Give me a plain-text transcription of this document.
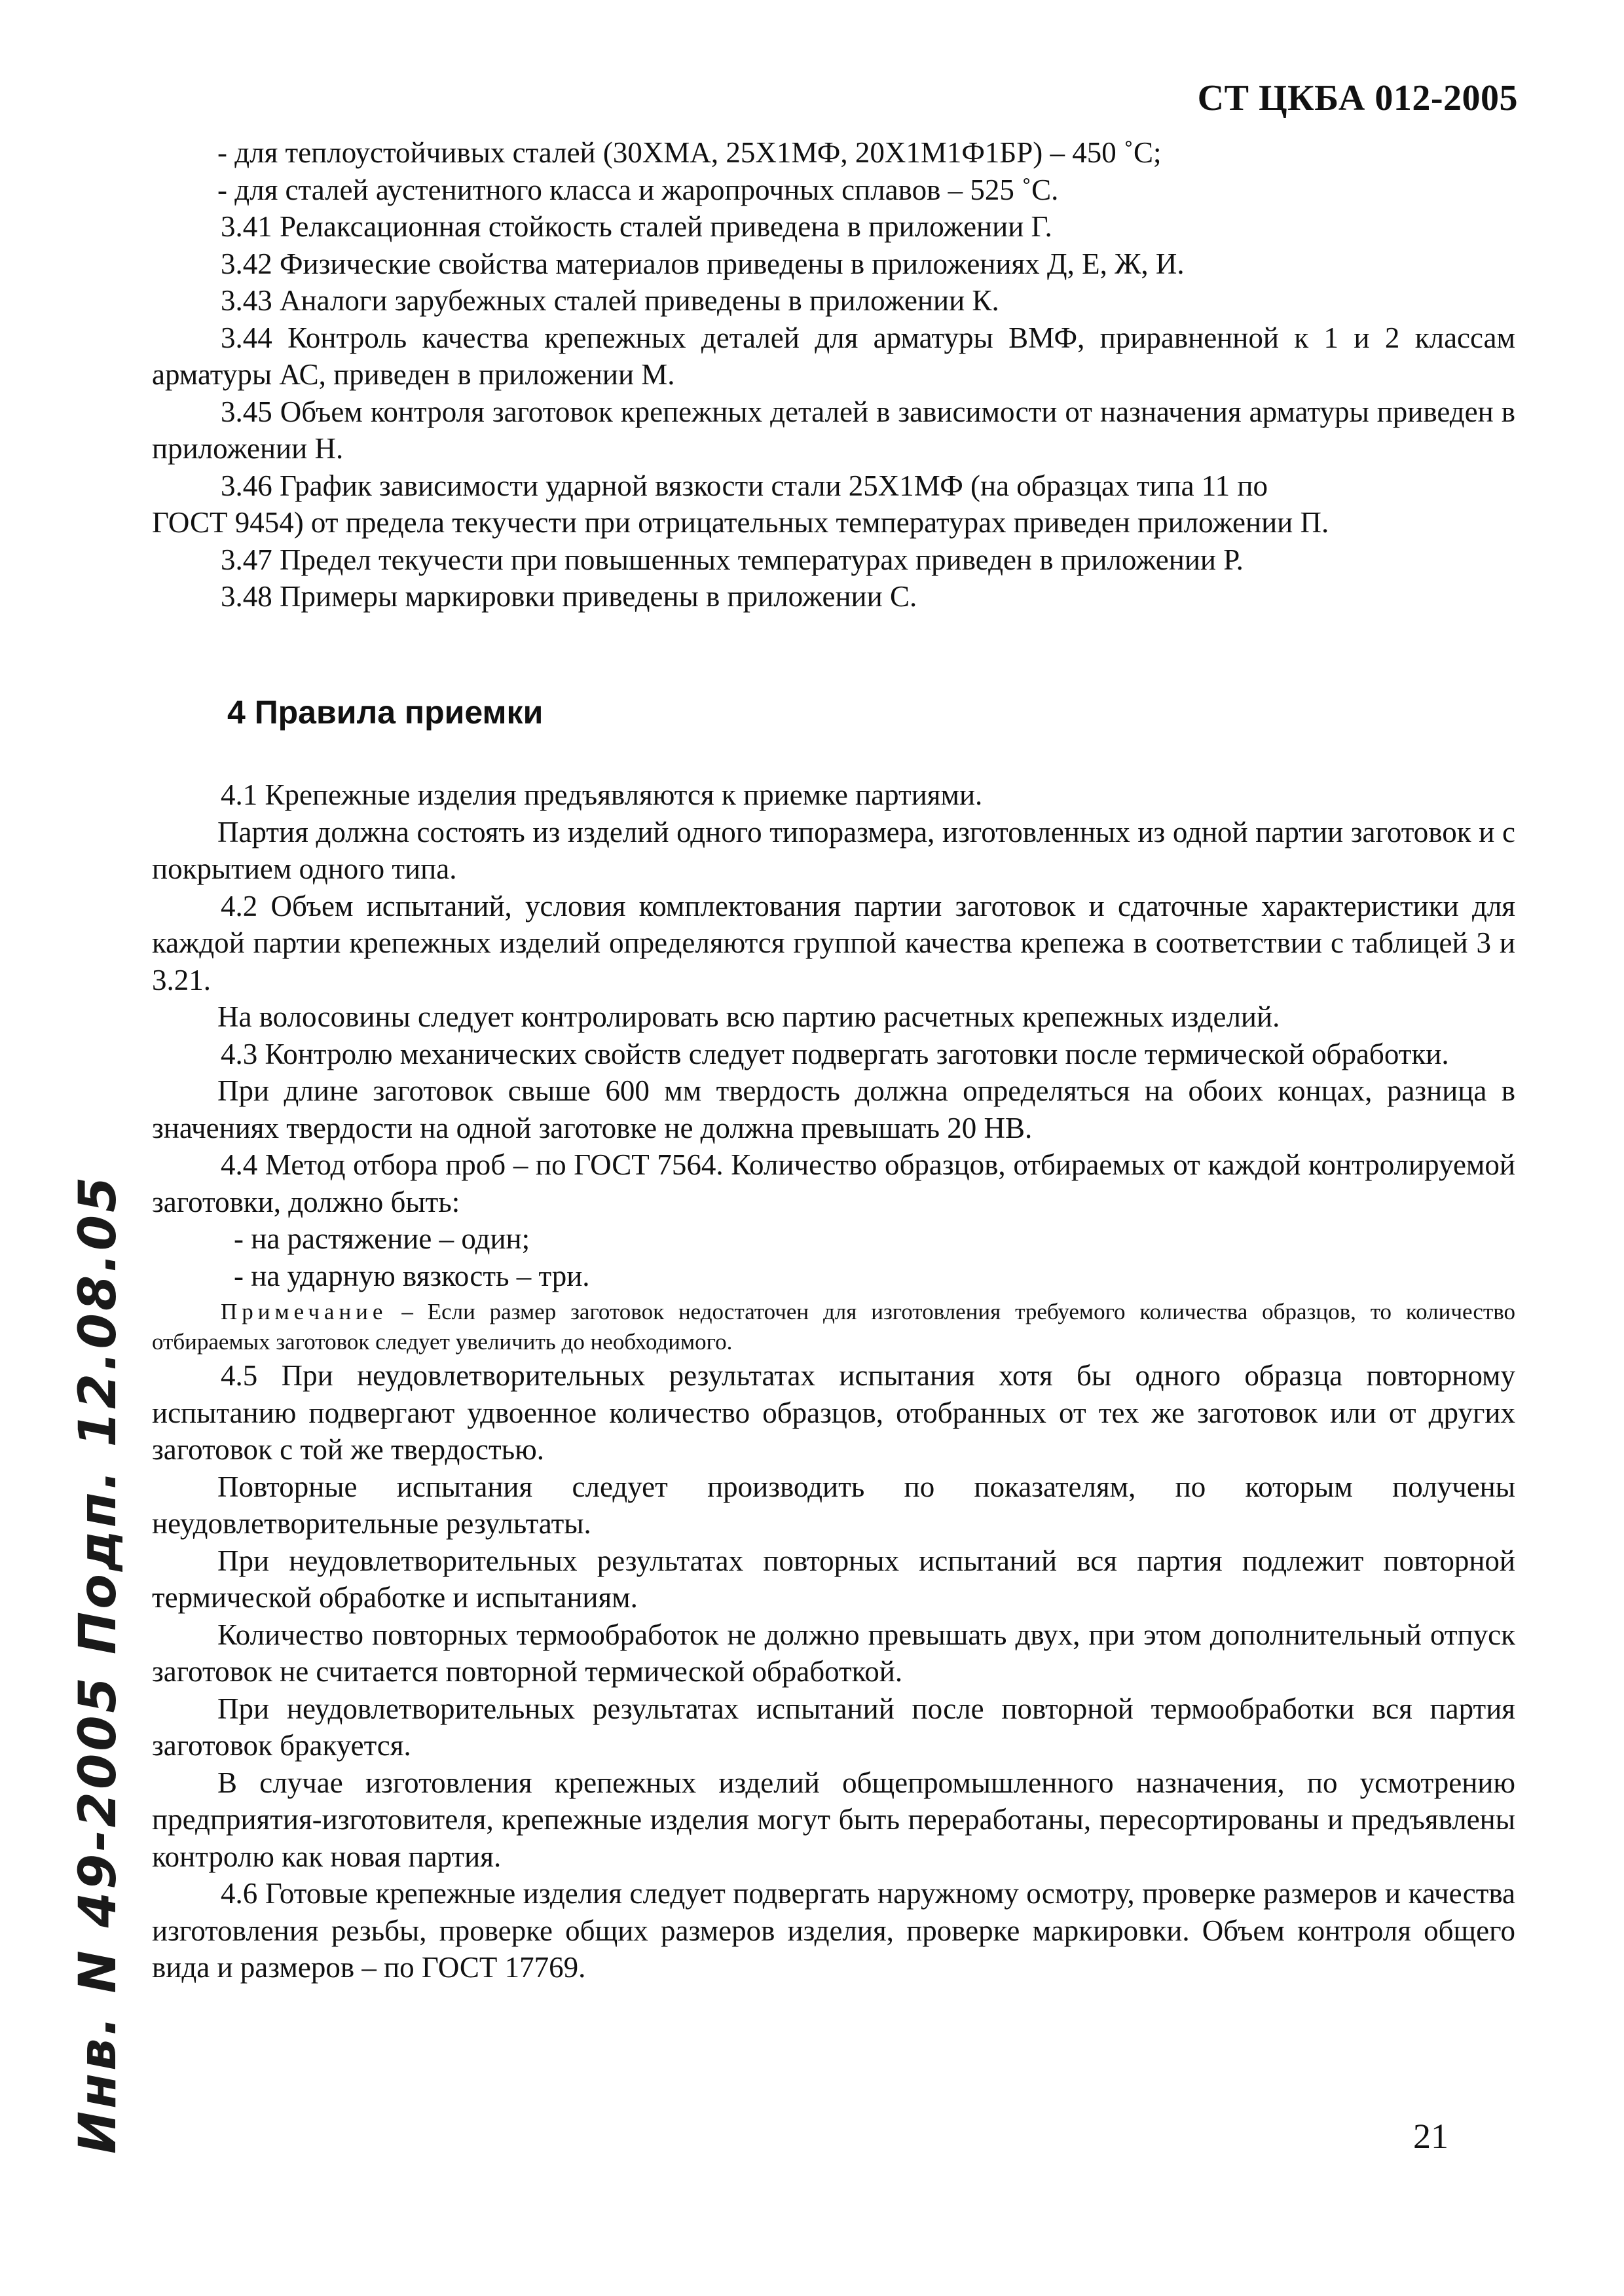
СТ ЦКБА 012-2005

- для теплоустойчивых сталей (30ХМА, 25Х1МФ, 20Х1М1Ф1БР) – 450 ˚С;

- для сталей аустенитного класса и жаропрочных сплавов – 525 ˚С.

3.41 Релаксационная стойкость сталей приведена в приложении Г.

3.42 Физические свойства материалов приведены в приложениях Д, Е, Ж, И.

3.43 Аналоги зарубежных сталей приведены в приложении К.

3.44 Контроль качества крепежных деталей для арматуры ВМФ, приравненной к 1 и 2 классам арматуры АС, приведен в приложении М.

3.45 Объем контроля заготовок крепежных деталей в зависимости от назначения арматуры приведен в приложении Н.

3.46 График зависимости ударной вязкости стали 25Х1МФ (на образцах типа 11 по

ГОСТ 9454) от предела текучести при отрицательных температурах приведен приложении П.

3.47 Предел текучести при повышенных температурах приведен в приложении Р.

3.48 Примеры маркировки приведены в приложении С.

4 Правила приемки

4.1 Крепежные изделия предъявляются к приемке партиями.

Партия должна состоять из изделий одного типоразмера, изготовленных из одной партии заготовок и с покрытием одного типа.

4.2 Объем испытаний, условия комплектования партии заготовок и сдаточные характеристики для каждой партии крепежных изделий определяются группой качества крепежа в соответствии с таблицей 3 и 3.21.

На волосовины следует контролировать всю партию расчетных крепежных изделий.

4.3 Контролю механических свойств следует подвергать заготовки после термической обработки.

При длине заготовок свыше 600 мм твердость должна определяться на обоих концах, разница в значениях твердости на одной заготовке не должна превышать 20 НВ.

4.4 Метод отбора проб – по ГОСТ 7564. Количество образцов, отбираемых от каждой контролируемой заготовки, должно быть:

- на растяжение – один;

- на ударную вязкость – три.

Примечание – Если размер заготовок недостаточен для изготовления требуемого количества образцов, то количество отбираемых заготовок следует увеличить до необходимого.

4.5 При неудовлетворительных результатах испытания хотя бы одного образца повторному испытанию подвергают удвоенное количество образцов, отобранных от тех же заготовок или от других заготовок с той же твердостью.

Повторные испытания следует производить по показателям, по которым получены неудовлетворительные результаты.

При неудовлетворительных результатах повторных испытаний вся партия подлежит повторной термической обработке и испытаниям.

Количество повторных термообработок не должно превышать двух, при этом дополнительный отпуск заготовок не считается повторной термической обработкой.

При неудовлетворительных результатах испытаний после повторной термообработки вся партия заготовок бракуется.

В случае изготовления крепежных изделий общепромышленного назначения, по усмотрению предприятия-изготовителя, крепежные изделия могут быть переработаны, пересортированы и предъявлены контролю как новая партия.

4.6 Готовые крепежные изделия следует подвергать наружному осмотру, проверке размеров и качества изготовления резьбы, проверке общих размеров изделия, проверке маркировки. Объем контроля общего вида и размеров – по ГОСТ 17769.

21
Инв. N 49-2005 Подп. 12.08.05
